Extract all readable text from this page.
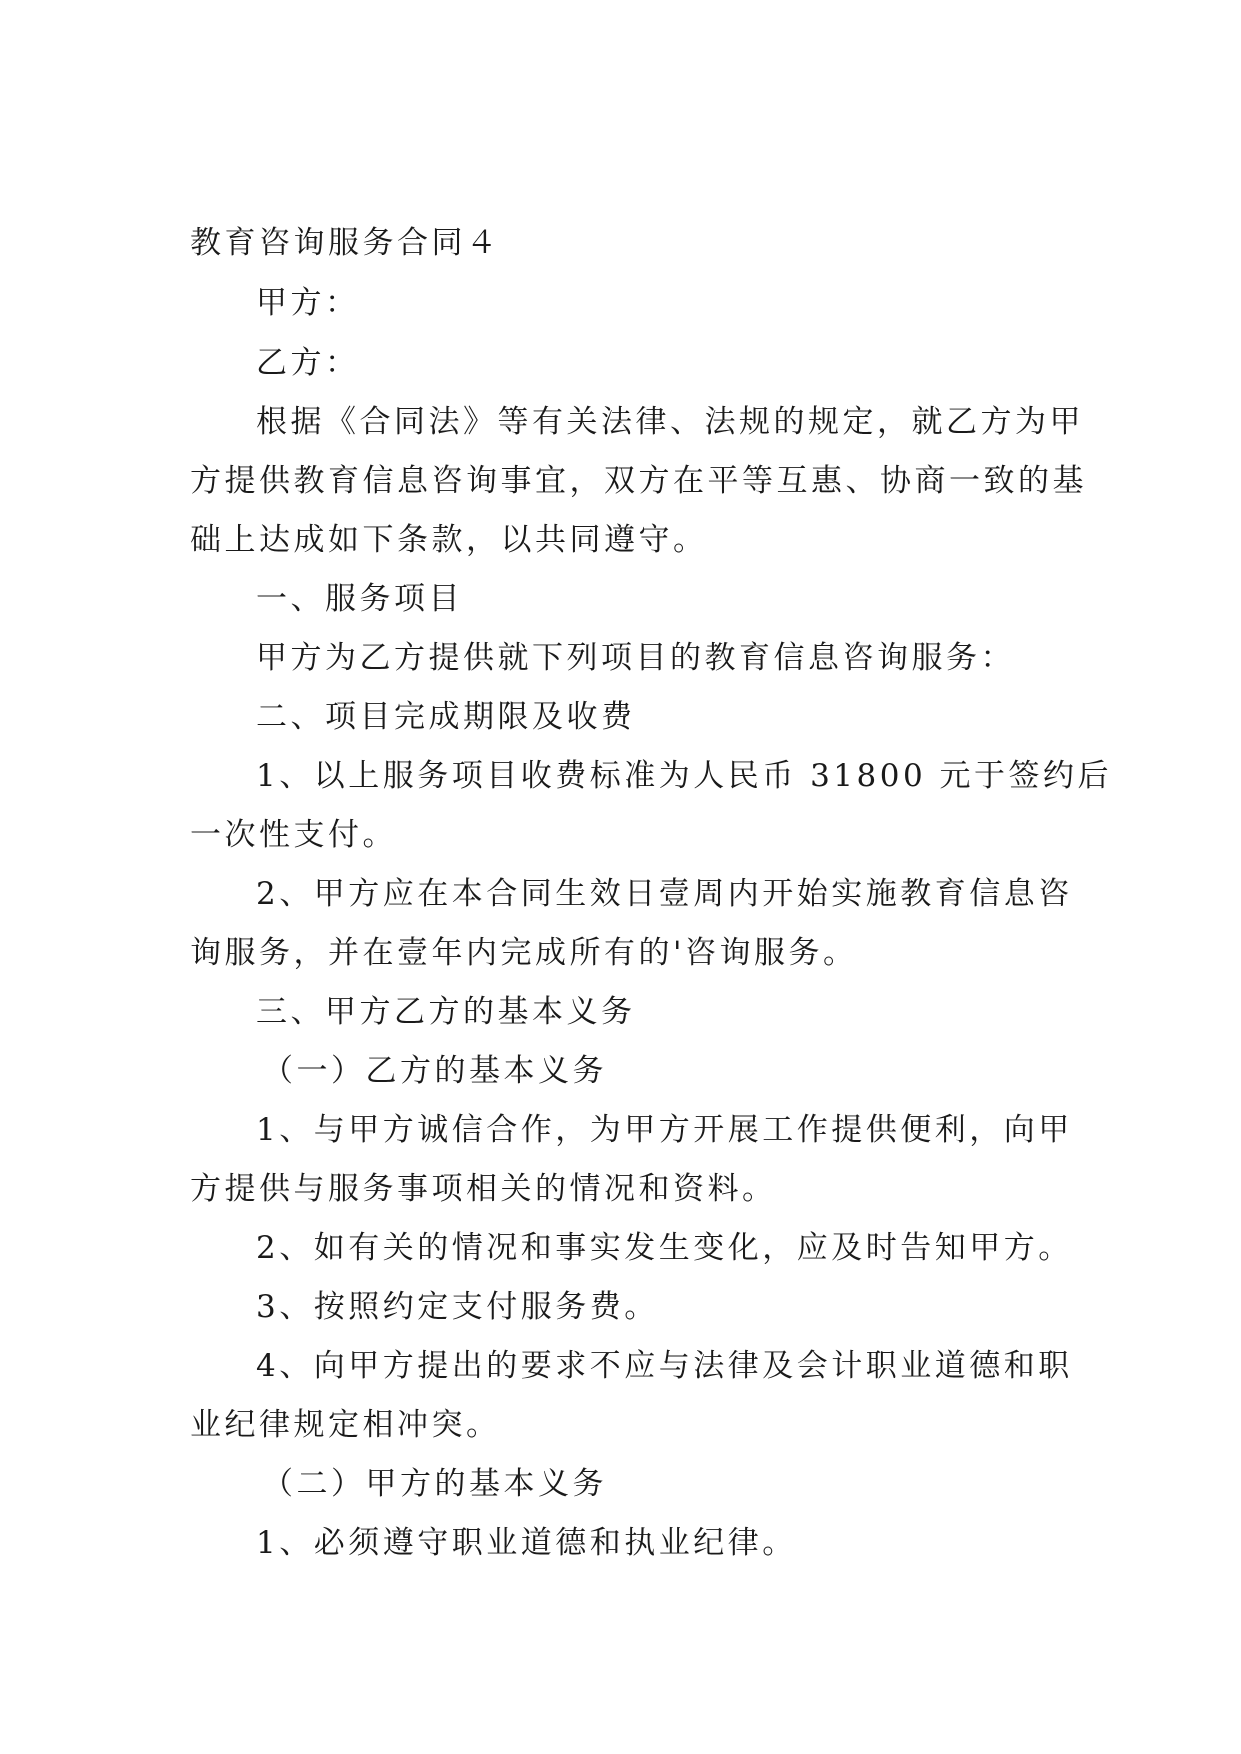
教育咨询服务合同４
甲方：
乙方：
根据《合同法》等有关法律、法规的规定，就乙方为甲
方提供教育信息咨询事宜，双方在平等互惠、协商一致的基
础上达成如下条款，以共同遵守。
一、服务项目
甲方为乙方提供就下列项目的教育信息咨询服务：
二、项目完成期限及收费
1、以上服务项目收费标准为人民币 31800 元于签约后
一次性支付。
2、甲方应在本合同生效日壹周内开始实施教育信息咨
询服务，并在壹年内完成所有的'咨询服务。
三、甲方乙方的基本义务
（一）乙方的基本义务
1、与甲方诚信合作，为甲方开展工作提供便利，向甲
方提供与服务事项相关的情况和资料。
2、如有关的情况和事实发生变化，应及时告知甲方。
3、按照约定支付服务费。
4、向甲方提出的要求不应与法律及会计职业道德和职
业纪律规定相冲突。
（二）甲方的基本义务
1、必须遵守职业道德和执业纪律。
